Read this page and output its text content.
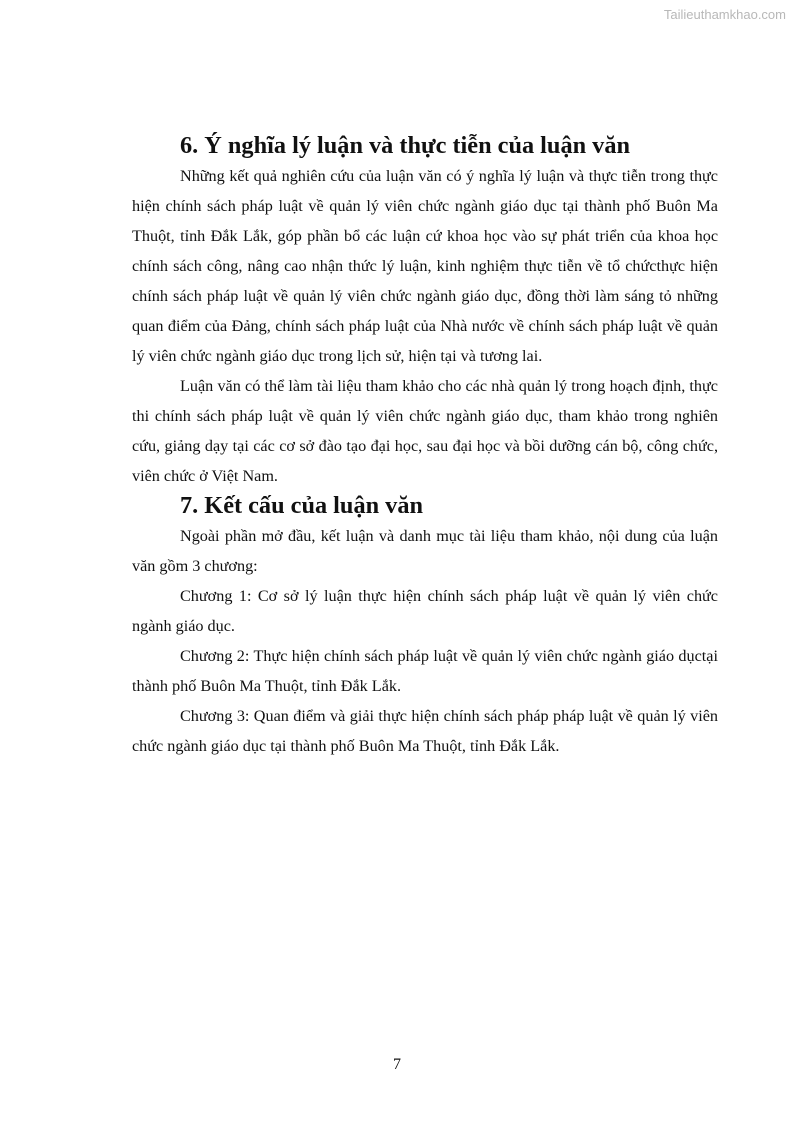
Tailieuthamkhao.com
6. Ý nghĩa lý luận và thực tiễn của luận văn

Những kết quả nghiên cứu của luận văn có ý nghĩa lý luận và thực tiễn trong thực hiện chính sách pháp luật về quản lý viên chức ngành giáo dục tại thành phố Buôn Ma Thuột, tỉnh Đắk Lắk, góp phần bổ các luận cứ khoa học vào sự phát triển của khoa học chính sách công, nâng cao nhận thức lý luận, kinh nghiệm thực tiễn về tổ chứcthực hiện chính sách pháp luật về quản lý viên chức ngành giáo dục, đồng thời làm sáng tỏ những quan điểm của Đảng, chính sách pháp luật của Nhà nước về chính sách pháp luật về quản lý viên chức ngành giáo dục trong lịch sử, hiện tại và tương lai.

Luận văn có thể làm tài liệu tham khảo cho các nhà quản lý trong hoạch định, thực thi chính sách pháp luật về quản lý viên chức ngành giáo dục, tham khảo trong nghiên cứu, giảng dạy tại các cơ sở đào tạo đại học, sau đại học và bồi dưỡng cán bộ, công chức, viên chức ở Việt Nam.

7. Kết cấu của luận văn

Ngoài phần mở đầu, kết luận và danh mục tài liệu tham khảo, nội dung của luận văn gồm 3 chương:

Chương 1: Cơ sở lý luận thực hiện chính sách pháp luật về quản lý viên chức ngành giáo dục.

Chương 2: Thực hiện chính sách pháp luật về quản lý viên chức ngành giáo dụctại thành phố Buôn Ma Thuột, tỉnh Đắk Lắk.

Chương 3: Quan điểm và giải thực hiện chính sách pháp pháp luật về quản lý viên chức ngành giáo dục tại thành phố Buôn Ma Thuột, tỉnh Đắk Lắk.

7
